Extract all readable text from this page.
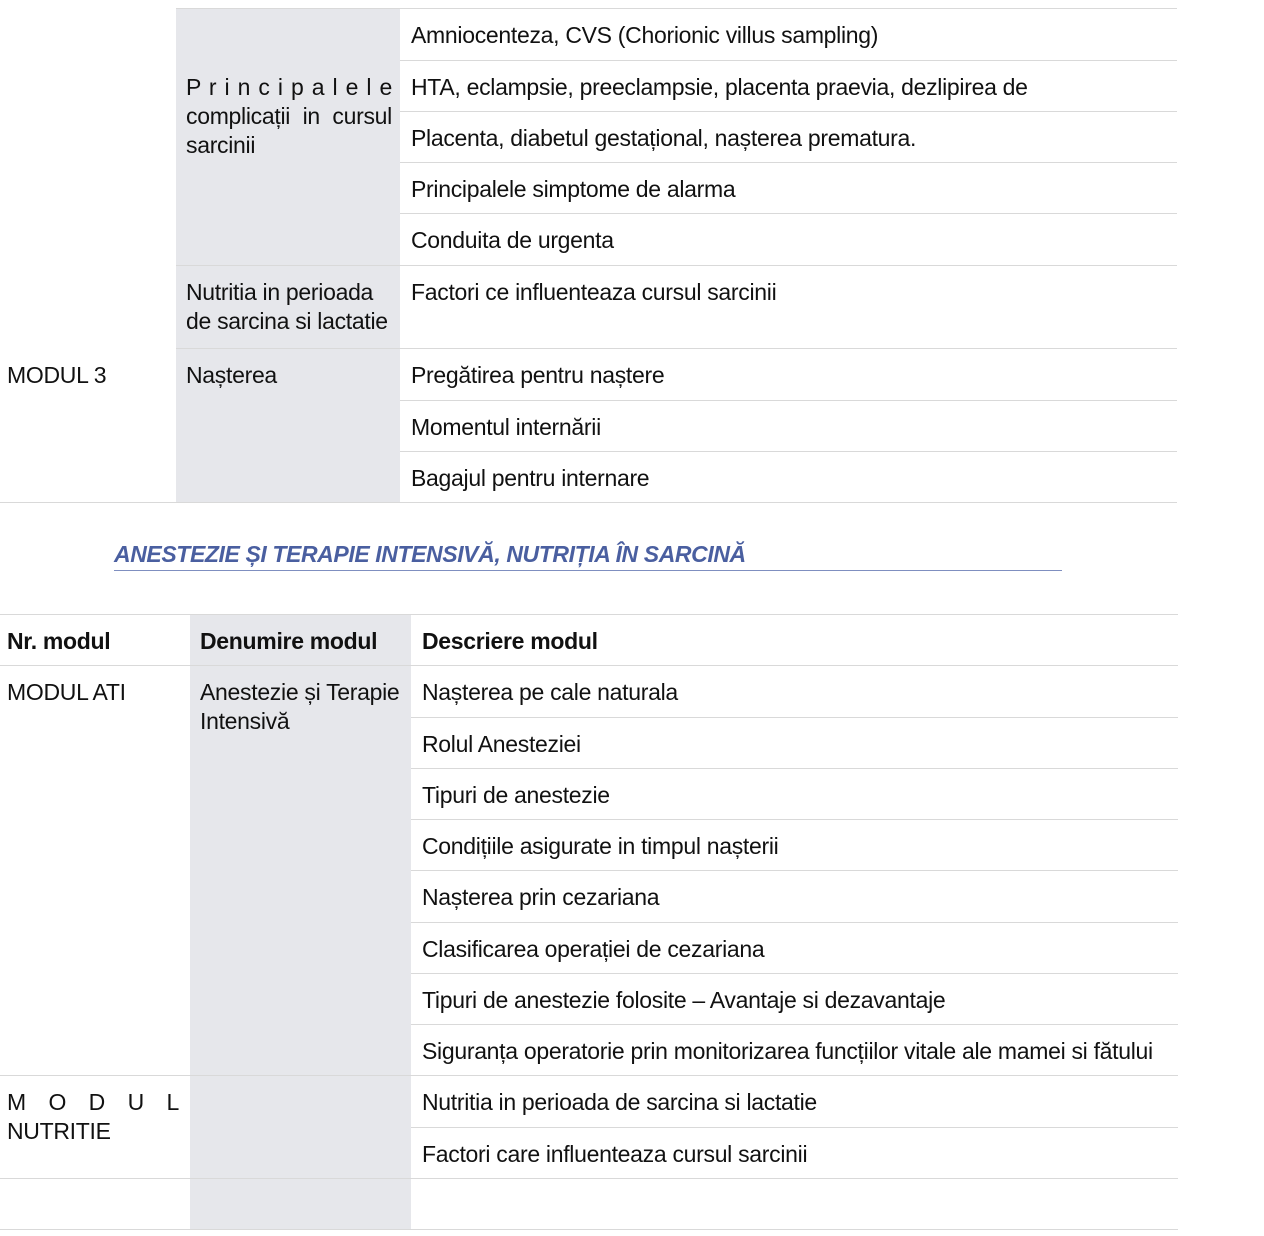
MODUL 3
P r i n c i p a l e l e
complicații in cursul
sarcinii
Nutritia in perioada
de sarcina si lactatie
Nașterea
Amniocenteza, CVS (Chorionic villus sampling)
HTA, eclampsie, preeclampsie, placenta praevia, dezlipirea de
Placenta, diabetul gestațional, nașterea prematura.
Principalele simptome de alarma
Conduita de urgenta
Factori ce influenteaza cursul sarcinii
Pregătirea pentru naștere
Momentul internării
Bagajul pentru internare
ANESTEZIE ȘI TERAPIE INTENSIVĂ, NUTRIȚIA ÎN SARCINĂ
Nr. modul	Denumire modul Descriere modul
MODUL ATI	Anestezie și Terapie
Intensivă
Nașterea pe cale naturala
Rolul Anesteziei
Tipuri de anestezie
Condițiile asigurate in timpul nașterii
Nașterea prin cezariana
Clasificarea operației de cezariana
Tipuri de anestezie folosite – Avantaje si dezavantaje
Siguranța operatorie prin monitorizarea funcțiilor vitale ale mamei si fătului
M O D U L
NUTRITIE
Nutritia in perioada de sarcina si lactatie
Factori care influenteaza cursul sarcinii
